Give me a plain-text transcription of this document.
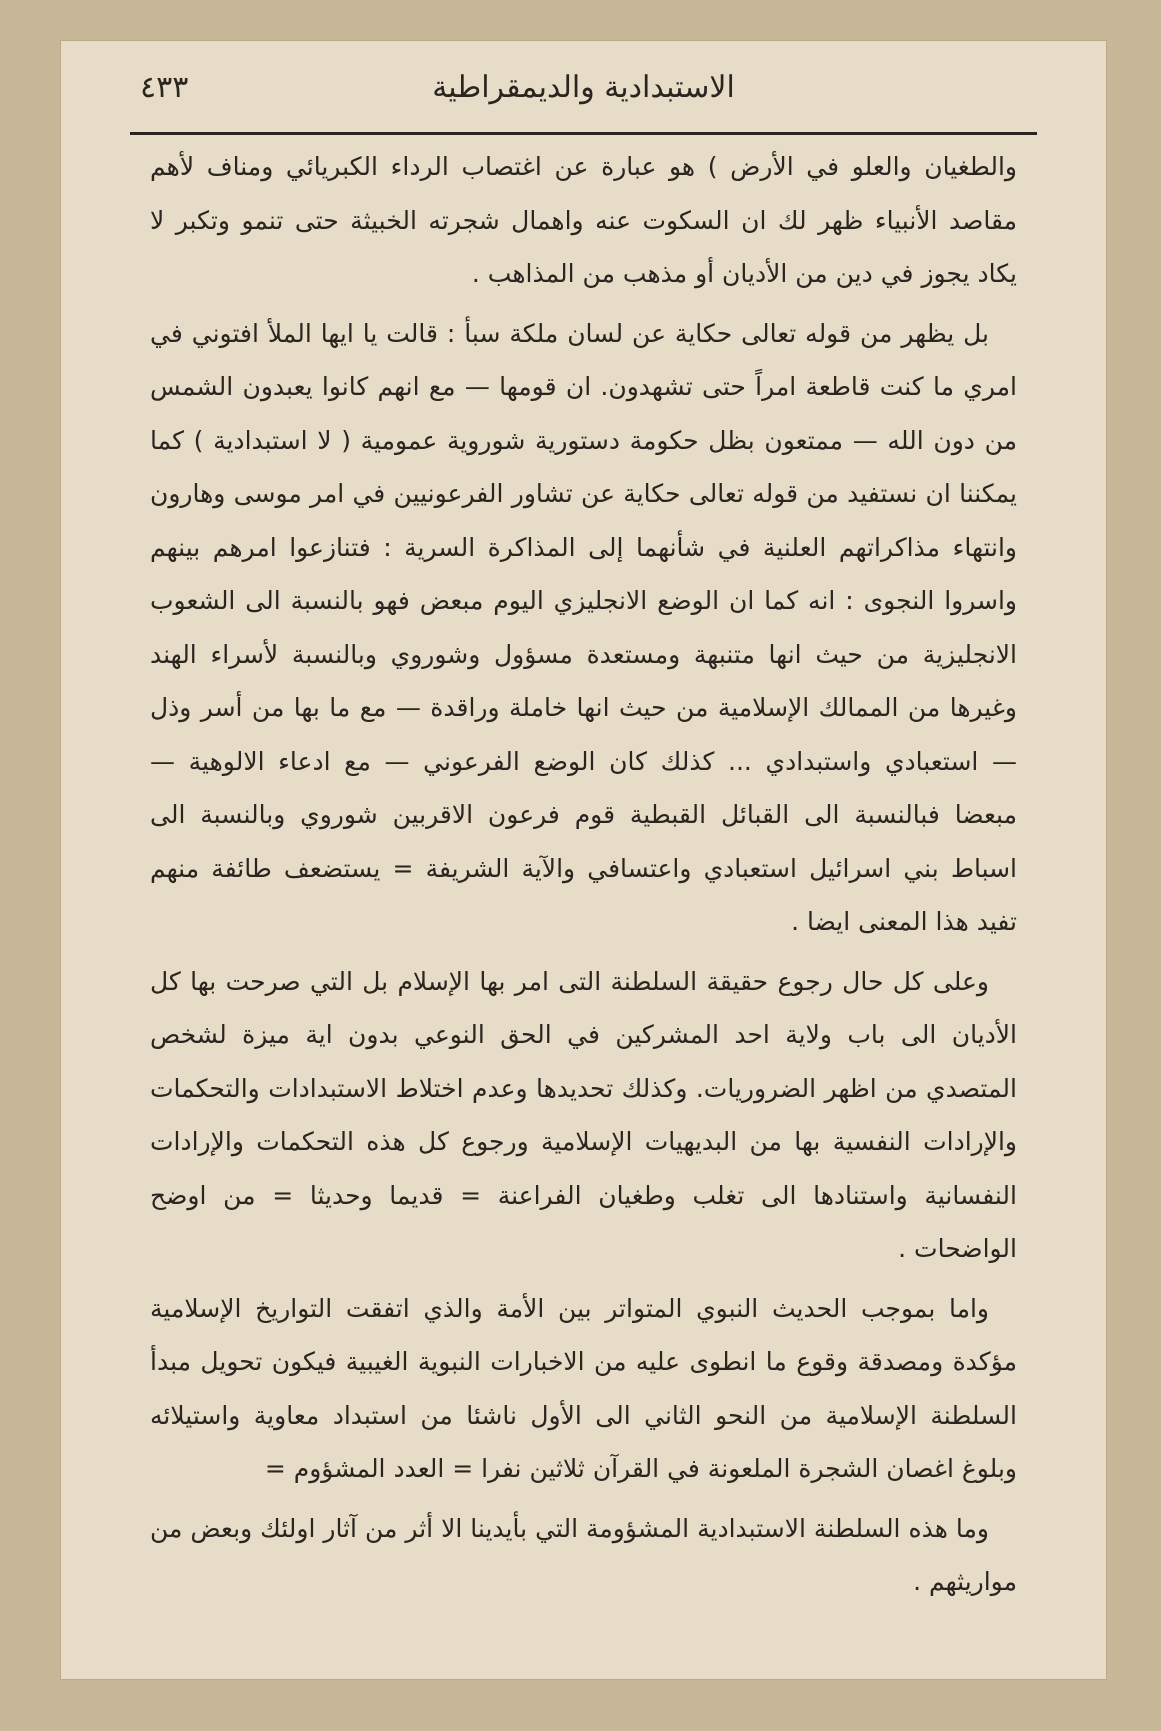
الاستبدادية والديمقراطية
٤٣٣

والطغيان والعلو في الأرض ) هو عبارة عن اغتصاب الرداء الكبريائي ومناف لأهم مقاصد الأنبياء ظهر لك ان السكوت عنه واهمال شجرته الخبيثة حتى تنمو وتكبر لا يكاد يجوز في دين من الأديان أو مذهب من المذاهب .

بل يظهر من قوله تعالى حكاية عن لسان ملكة سبأ : قالت يا ايها الملأ افتوني في امري ما كنت قاطعة امراً حتى تشهدون. ان قومها — مع انهم كانوا يعبدون الشمس من دون الله — ممتعون بظل حكومة دستورية شوروية عمومية ( لا استبدادية ) كما يمكننا ان نستفيد من قوله تعالى حكاية عن تشاور الفرعونيين في امر موسى وهارون وانتهاء مذاكراتهم العلنية في شأنهما إلى المذاكرة السرية : فتنازعوا امرهم بينهم واسروا النجوى : انه كما ان الوضع الانجليزي اليوم مبعض فهو بالنسبة الى الشعوب الانجليزية من حيث انها متنبهة ومستعدة مسؤول وشوروي وبالنسبة لأسراء الهند وغيرها من الممالك الإسلامية من حيث انها خاملة وراقدة — مع ما بها من أسر وذل — استعبادي واستبدادي ... كذلك كان الوضع الفرعوني — مع ادعاء الالوهية — مبعضا فبالنسبة الى القبائل القبطية قوم فرعون الاقربين شوروي وبالنسبة الى اسباط بني اسرائيل استعبادي واعتسافي والآية الشريفة = يستضعف طائفة منهم تفيد هذا المعنى ايضا .

وعلى كل حال رجوع حقيقة السلطنة التى امر بها الإسلام بل التي صرحت بها كل الأديان الى باب ولاية احد المشركين في الحق النوعي بدون اية ميزة لشخص المتصدي من اظهر الضروريات. وكذلك تحديدها وعدم اختلاط الاستبدادات والتحكمات والإرادات النفسية بها من البديهيات الإسلامية ورجوع كل هذه التحكمات والإرادات النفسانية واستنادها الى تغلب وطغيان الفراعنة = قديما وحديثا = من اوضح الواضحات .

واما بموجب الحديث النبوي المتواتر بين الأمة والذي اتفقت التواريخ الإسلامية مؤكدة ومصدقة وقوع ما انطوى عليه من الاخبارات النبوية الغيبية فيكون تحويل مبدأ السلطنة الإسلامية من النحو الثاني الى الأول ناشئا من استبداد معاوية واستيلائه وبلوغ اغصان الشجرة الملعونة في القرآن ثلاثين نفرا = العدد المشؤوم =

وما هذه السلطنة الاستبدادية المشؤومة التي بأيدينا الا أثر من آثار اولئك وبعض من مواريثهم .
